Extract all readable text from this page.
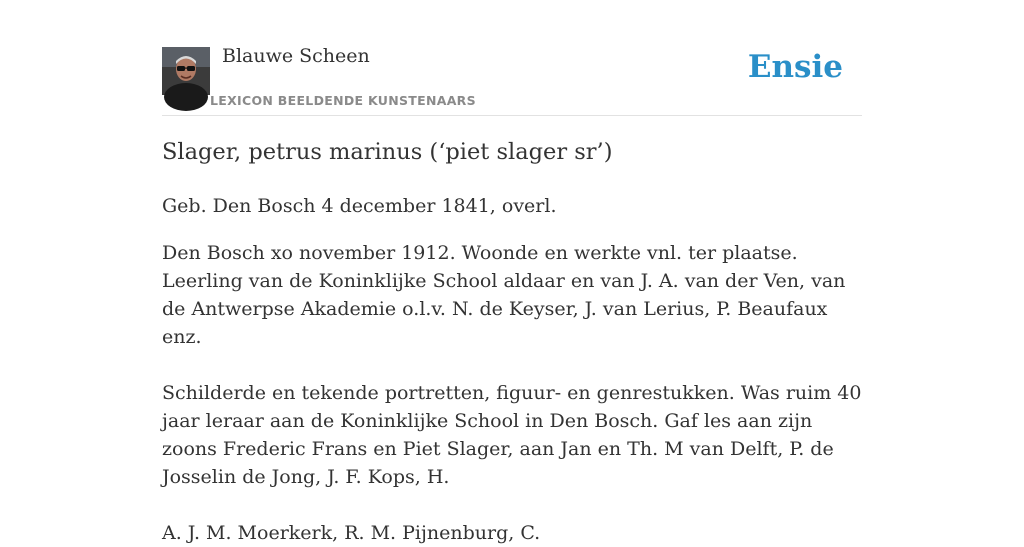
Blauwe Scheen
LEXICON BEELDENDE KUNSTENAARS
Ensie
Slager, petrus marinus (‘piet slager sr’)

Geb. Den Bosch 4 december 1841, overl.

Den Bosch xo november 1912. Woonde en werkte vnl. ter plaatse. Leerling van de Koninklijke School aldaar en van J. A. van der Ven, van de Antwerpse Akademie o.l.v. N. de Keyser, J. van Lerius, P. Beaufaux enz.

Schilderde en tekende portretten, figuur- en genrestukken. Was ruim 40 jaar leraar aan de Koninklijke School in Den Bosch. Gaf les aan zijn zoons Frederic Frans en Piet Slager, aan Jan en Th. M van Delft, P. de Josselin de Jong, J. F. Kops, H.

A. J. M. Moerkerk, R. M. Pijnenburg, C.
